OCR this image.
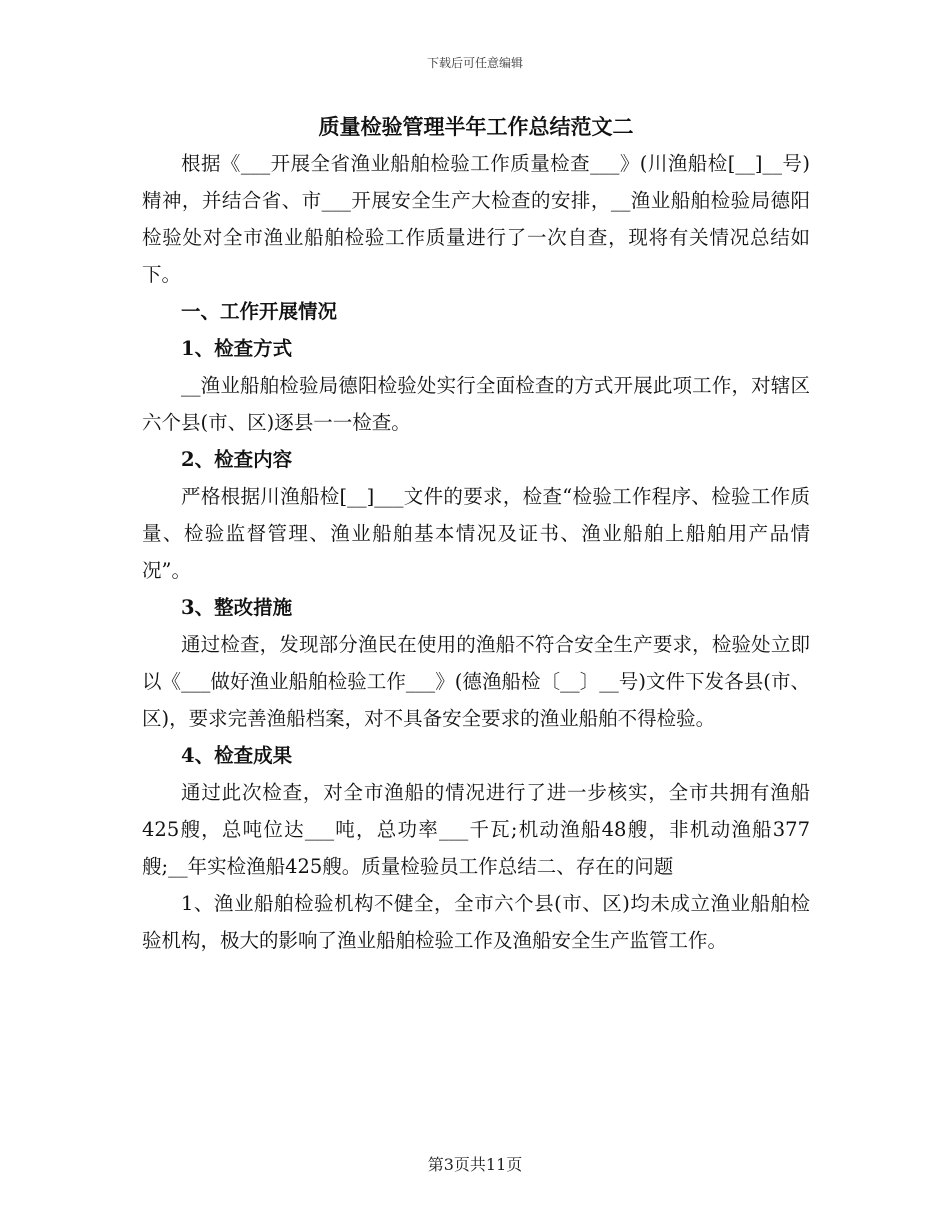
下载后可任意编辑
质量检验管理半年工作总结范文二

根据《___开展全省渔业船舶检验工作质量检查___》(川渔船检[__]__号)精神，并结合省、市___开展安全生产大检查的安排，__渔业船舶检验局德阳检验处对全市渔业船舶检验工作质量进行了一次自查，现将有关情况总结如下。

一、工作开展情况

1、检查方式

__渔业船舶检验局德阳检验处实行全面检查的方式开展此项工作，对辖区六个县(市、区)逐县一一检查。

2、检查内容

严格根据川渔船检[__]___文件的要求，检查“检验工作程序、检验工作质量、检验监督管理、渔业船舶基本情况及证书、渔业船舶上船舶用产品情况”。

3、整改措施

通过检查，发现部分渔民在使用的渔船不符合安全生产要求，检验处立即以《___做好渔业船舶检验工作___》(德渔船检〔__〕__号)文件下发各县(市、区)，要求完善渔船档案，对不具备安全要求的渔业船舶不得检验。

4、检查成果

通过此次检查，对全市渔船的情况进行了进一步核实，全市共拥有渔船425艘，总吨位达___吨，总功率___千瓦;机动渔船48艘，非机动渔船377艘;__年实检渔船425艘。质量检验员工作总结二、存在的问题

1、渔业船舶检验机构不健全，全市六个县(市、区)均未成立渔业船舶检验机构，极大的影响了渔业船舶检验工作及渔船安全生产监管工作。

第3页共11页
